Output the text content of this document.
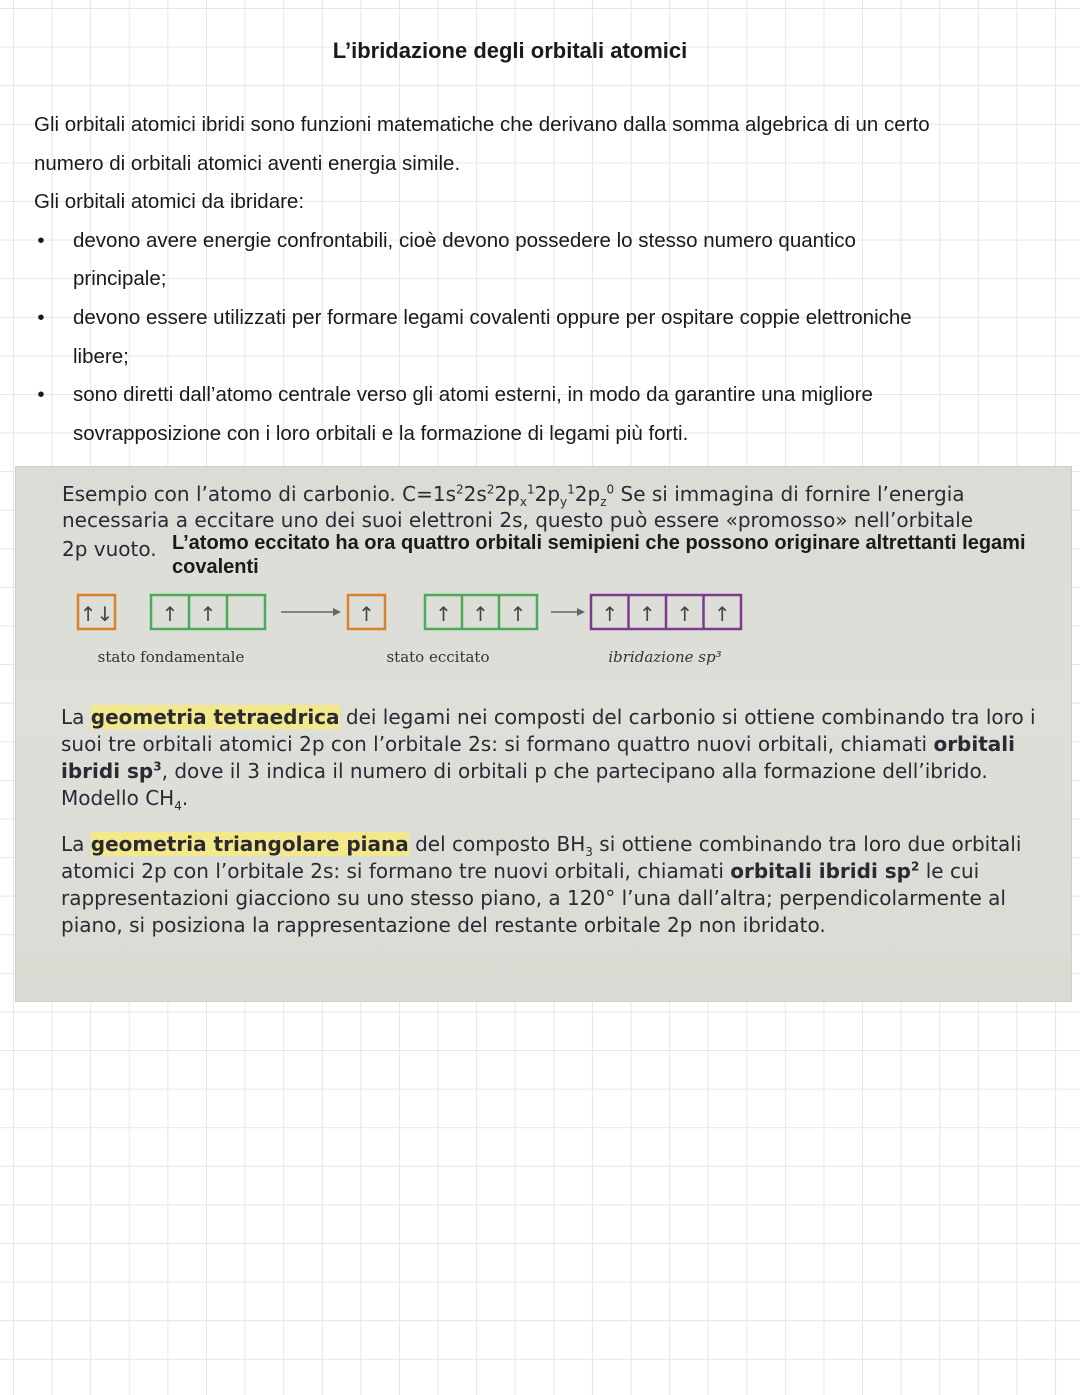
L’ibridazione degli orbitali atomici

Gli orbitali atomici ibridi sono funzioni matematiche che derivano dalla somma algebrica di un certo

numero di orbitali atomici aventi energia simile.

Gli orbitali atomici da ibridare:

• devono avere energie confrontabili, cioè devono possedere lo stesso numero quantico
principale;
• devono essere utilizzati per formare legami covalenti oppure per ospitare coppie elettroniche
libere;
• sono diretti dall’atomo centrale verso gli atomi esterni, in modo da garantire una migliore
sovrapposizione con i loro orbitali e la formazione di legami più forti.
Esempio con l’atomo di carbonio. $C=1s^22s^22p_x^12p_y^12p_z^0$ Se si immagina di fornire l’energia
necessaria a eccitare uno dei suoi elettroni 2s, questo può essere «promosso» nell’orbitale
2p vuoto. L’atomo eccitato ha ora quattro orbitali semipieni che possono originare altrettanti legami covalenti
↑↓ ↑ ↑	↑	↑ ↑ ↑	↑ ↑ ↑ ↑
stato fondamentale	stato eccitato	ibridazione sp³
La geometria tetraedrica dei legami nei composti del carbonio si ottiene combinando tra loro i suoi tre orbitali atomici 2p con l’orbitale 2s: si formano quattro nuovi orbitali, chiamati orbitali ibridi $sp^3$, dove il 3 indica il numero di orbitali p che partecipano alla formazione dell’ibrido. Modello $CH_4$.
La geometria triangolare piana del composto $BH_3$ si ottiene combinando tra loro due orbitali atomici 2p con l’orbitale 2s: si formano tre nuovi orbitali, chiamati orbitali ibridi $sp^2$ le cui rappresentazioni giacciono su uno stesso piano, a 120° l’una dall’altra; perpendicolarmente al piano, si posiziona la rappresentazione del restante orbitale 2p non ibridato.
